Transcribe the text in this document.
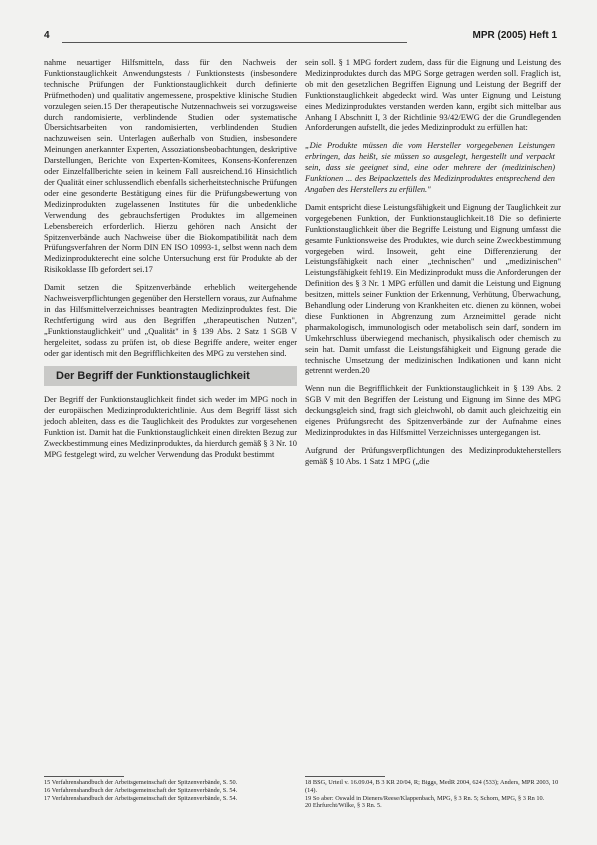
4	MPR (2005) Heft 1

nahme neuartiger Hilfsmitteln, dass für den Nachweis der Funktionstauglichkeit Anwendungstests / Funktionstests (insbesondere technische Prüfungen der Funktionstauglichkeit durch definierte Prüfmethoden) und qualitativ angemessene, prospektive klinische Studien vorzulegen seien.15 Der therapeutische Nutzennachweis sei vorzugsweise durch randomisierte, verblindende Studien oder systematische Übersichtsarbeiten von randomisierten, verblindenden Studien nachzuweisen sein. Unterlagen außerhalb von Studien, insbesondere Meinungen anerkannter Experten, Assoziationsbeobachtungen, deskriptive Darstellungen, Berichte von Experten-Komitees, Konsens-Konferenzen oder Einzelfallberichte seien in keinem Fall ausreichend.16 Hinsichtlich der Qualität einer schlussendlich ebenfalls sicherheitstechnische Prüfungen oder eine gesonderte Bestätigung eines für die Prüfungsbewertung von Medizinprodukten zugelassenen Institutes für die unbedenkliche Verwendung des gebrauchsfertigen Produktes im allgemeinen Lebensbereich erforderlich. Hierzu gehören nach Ansicht der Spitzenverbände auch Nachweise über die Biokompatibilität nach dem Prüfungsverfahren der Norm DIN EN ISO 10993-1, selbst wenn nach dem Medizinprodukterecht eine solche Untersuchung erst für Produkte ab der Risikoklasse IIb gefordert sei.17

Damit setzen die Spitzenverbände erheblich weitergehende Nachweisverpflichtungen gegenüber den Herstellern voraus, zur Aufnahme in das Hilfsmittelverzeichnisses beantragten Medizinproduktes fest. Die Rechtfertigung wird aus den Begriffen „therapeutischen Nutzen", „Funktionstauglichkeit" und „Qualität" in § 139 Abs. 2 Satz 1 SGB V hergeleitet, sodass zu prüfen ist, ob diese Begriffe andere, weiter enger oder gar identisch mit den Begrifflichkeiten des MPG zu verstehen sind.

Der Begriff der Funktionstauglichkeit

Der Begriff der Funktionstauglichkeit findet sich weder im MPG noch in der europäischen Medizinprodukterichtlinie. Aus dem Begriff lässt sich jedoch ableiten, dass es die Tauglichkeit des Produktes zur vorgesehenen Funktion ist. Damit hat die Funktionstauglichkeit einen direkten Bezug zur Zweckbestimmung eines Medizinproduktes, da hierdurch gemäß § 3 Nr. 10 MPG festgelegt wird, zu welcher Verwendung das Produkt bestimmt

sein soll. § 1 MPG fordert zudem, dass für die Eignung und Leistung des Medizinproduktes durch das MPG Sorge getragen werden soll. Fraglich ist, ob mit den gesetzlichen Begriffen Eignung und Leistung der Begriff der Funktionstauglichkeit abgedeckt wird. Was unter Eignung und Leistung eines Medizinproduktes verstanden werden kann, ergibt sich mittelbar aus Anhang I Abschnitt I, 3 der Richtlinie 93/42/EWG der die Grundlegenden Anforderungen aufstellt, die jedes Medizinprodukt zu erfüllen hat:

„Die Produkte müssen die vom Hersteller vorgegebenen Leistungen erbringen, das heißt, sie müssen so ausgelegt, hergestellt und verpackt sein, dass sie geeignet sind, eine oder mehrere der (medizinischen) Funktionen ... des Beipackzettels des Medizinproduktes entsprechend den Angaben des Herstellers zu erfüllen."

Damit entspricht diese Leistungsfähigkeit und Eignung der Tauglichkeit zur vorgegebenen Funktion, der Funktionstauglichkeit.18 Die so definierte Funktionstauglichkeit über die Begriffe Leistung und Eignung umfasst die gesamte Funktionsweise des Produktes, wie durch seine Zweckbestimmung vorgegeben wird. Insoweit, geht eine Differenzierung der Leistungsfähigkeit nach einer „technischen" und „medizinischen" Leistungsfähigkeit fehl19. Ein Medizinprodukt muss die Anforderungen der Definition des § 3 Nr. 1 MPG erfüllen und damit die Leistung und Eignung besitzen, mittels seiner Funktion der Erkennung, Verhütung, Überwachung, Behandlung oder Linderung von Krankheiten etc. dienen zu können, wobei diese Funktionen in Abgrenzung zum Arzneimittel gerade nicht pharmakologisch, immunologisch oder metabolisch sein darf, sondern im Umkehrschluss überwiegend mechanisch, physikalisch oder chemisch zu sein hat. Damit umfasst die Leistungsfähigkeit und Eignung gerade die technische Umsetzung der medizinischen Indikationen und kann nicht getrennt werden.20

Wenn nun die Begrifflichkeit der Funktionstauglichkeit in § 139 Abs. 2 SGB V mit den Begriffen der Leistung und Eignung im Sinne des MPG deckungsgleich sind, fragt sich gleichwohl, ob damit auch gleichzeitig ein eigenes Prüfungsrecht des Spitzenverbände zur der Aufnahme eines Medizinproduktes in das Hilfsmittel Verzeichnisses untergegangen ist.

Aufgrund der Prüfungsverpflichtungen des Medizinprodukteherstellers gemäß § 10 Abs. 1 Satz 1 MPG („die

15 Verfahrenshandbuch der Arbeitsgemeinschaft der Spitzenverbände, S. 50.
16 Verfahrenshandbuch der Arbeitsgemeinschaft der Spitzenverbände, S. 54.
17 Verfahrenshandbuch der Arbeitsgemeinschaft der Spitzenverbände, S. 54.
18 BSG, Urteil v. 16.09.04, B 3 KR 20/04, R; Biggs, MedR 2004, 624 (533); Anders, MPR 2003, 10 (14).
19 So aber: Oswald in Dieners/Reese/Klappenbach, MPG, § 3 Rn. 5; Schorn, MPG, § 3 Rn 10.
20 Ehrfurcht/Wilke, § 3 Rn. 5.
